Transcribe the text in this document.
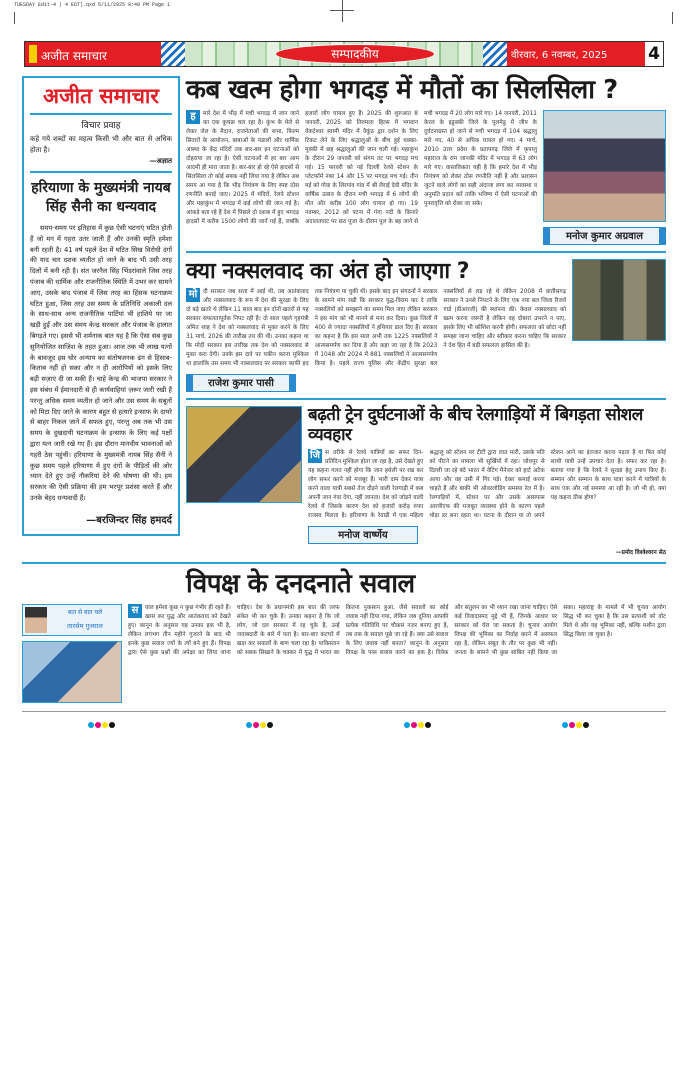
TUESDAY Edit-4 ( 4 EDT).qxd 5/11/2025 9:49 PM Page 1
अजीत समाचार	सम्पादकीय	वीरवार, 6 नवम्बर, 2025	4
अजीत समाचार
विचार प्रवाह
कहे गये शब्दों का महत्व किसी भी और बात से अधिक होता है।
—अज्ञात
हरियाणा के मुख्यमंत्री नायब सिंह सैनी का धन्यवाद
समय-समय पर इतिहास में कुछ ऐसी घटनाएं घटित होती हैं जो मन में गहरा उतर जाती हैं और उनकी स्मृति हमेशा बनी रहती है। 41 वर्ष पहले देश में घटित सिख विरोधी दंगों की याद चार दशक व्यतीत हो जाने के बाद भी उसी तरह दिलों में बनी रही है। संत जरनैल सिंह भिंडरांवाले जिस तरह पंजाब की धार्मिक और राजनीतिक स्थिति में उभर कर सामने आए, उसके बाद पंजाब में जिस तरह का हिंसक घटनाक्रम घटित हुआ, जिस तरह उस समय के प्रतिनिधि अकाली दल के साथ-साथ अन्य राजनीतिक पार्टियां भी हाशिये पर जा खड़ी हुईं और उस समय केन्द्र सरकार और पंजाब के हालात बिगड़ते गए। इससे भी शर्मनाक बात यह है कि ऐसा सब कुछ सुनियोजित साजिश के तहत हुआ। आज तक भी लाख यत्नों के बावजूद इस घोर अन्याय का संतोषजनक ढंग से हिसाब-किताब नहीं हो सका और न ही आरोपियों को इसके लिए बड़ी सज़ाएं दी जा सकी हैं। चाहे केन्द्र की भाजपा सरकार ने इस संबंध में ईमानदारी से ही कार्यवाहियां ज़रूर जारी रखी हैं परन्तु अधिक समय व्यतीत हो जाने और उस समय के सबूतों को मिटा दिए जाने के कारण बहुत से हत्यारे इन्साफ के दायरे से बाहर निकल जाने में सफल हुए, परन्तु अब तक भी उस समय के दुखदायी घटनाक्रम के इन्साफ के लिए कई पक्षों द्वारा यत्न जारी रखे गए हैं। इस दौरान मानवीय भावनाओं को गहरी ठेस पहुंची। हरियाणा के मुख्यमंत्री नायब सिंह सैनी ने कुछ समय पहले हरियाणा में हुए दंगों के पीड़ितों की ओर ध्यान देते हुए उन्हें नौकरियां देने की घोषणा की थी। हम सरकार की ऐसी प्रक्रिया की हम भरपूर प्रशंसा करते हैं और उनके बेहद धन्यवादी हैं।
—बरजिन्दर सिंह हमदर्द
कब खत्म होगा भगदड़ में मौतों का सिलसिला ?
ह	मारे देश में भीड़ में मची भगदड़ में जान जाने का एक कुचक्र चल रहा है। कुंभ के मेले से लेकर जेल के मैदान, राजनेताओं की सभा, फिल्म सितारों के आयोजन, बाबाओं के पंडालों और धार्मिक आस्था के केंद्र मंदिरों तक बार-बार इन घटनाओं को दोहराया जा रहा है। ऐसी घटनाओं में हर बार आम आदमी ही मारा जाता है। बार-बार हो रहे ऐसे हादसों से सिलसिला तो कोई सबक नहीं लिया गया है लेकिन अब समय आ गया है कि भीड़ नियंत्रण के लिए स्पष्ट ठोस रणनीति बनाई जाए। 2025 में मंदिरों, रेलवे स्टेशन और महाकुंभ में भगदड़ में कई लोगों की जान गई है। आंकड़े बता रहे हैं देश में पिछले दो दशक में हुए भगदड़ हादसों में करीब 1500 लोगों की जानें गई हैं, जबकि हजारों लोग घायल हुए हैं। 2025 की शुरुआत 8 जनवरी, 2025 को तिरुमला हिल्स में भगवान वेंकटेश्वर स्वामी मंदिर में वैकुंठ द्वार दर्शन के लिए टिकट लेने के लिए श्रद्धालुओं के बीच हुई धक्का-मुक्की में छह श्रद्धालुओं की जान चली गई। महाकुंभ के दौरान 29 जनवरी को संगम तट पर भगदड़ मच गई। 15 फरवरी को नई दिल्ली रेलवे स्टेशन के प्लेटफॉर्म नंबर 14 और 15 पर भगदड़ मच गई। तीन मई को गोवा के शिरगांव गांव में श्री लैराई देवी मंदिर के वार्षिक उत्सव के दौरान मची भगदड़ में 6 लोगों की मौत और करीब 100 लोग घायल हो गए। 19 नवम्बर, 2012 को पटना में गंगा नदी के किनारे अदालतघाट पर छठ पूजा के दौरान पुल के बह जाने से मची भगदड़ में 20 लोग मारे गए। 14 जनवरी, 2011 केरल के इडुक्की जिले के पुलमेडु में जीप के दुर्घटनाग्रस्त हो जाने से मची भगदड़ में 104 श्रद्धालु मारे गए, 40 से अधिक घायल हो गए। 4 मार्च, 2010 उत्तर प्रदेश के प्रतापगढ़ जिले में कृपालु महाराज के राम जानकी मंदिर में भगदड़ में 63 लोग मारे गए। वास्तविकता यही है कि हमारे देश में भीड़ नियंत्रण को लेकर ठोस रणनीति नहीं है और प्रशासन जुटने वाले लोगों का सही अंदाजा लगा कर व्यवस्था व अनुमति प्रदान करें ताकि भविष्य में ऐसी घटनाओं की पुनरावृत्ति को रोका जा सके।
मनोज कुमार अग्रवाल
क्या नक्सलवाद का अंत हो जाएगा ?
मो दी सरकार जब सत्ता में आई थी, तब आतंकवाद और नक्सलवाद के रूप में देश की सुरक्षा के लिए दो बड़े खतरे थे लेकिन 11 साल बाद इन दोनों खतरों से यह सरकार सफलतापूर्वक निपट रही है। दो साल पहले गृहमंत्री अमित शाह ने देश को नक्सलवाद से मुक्त करने के लिए 31 मार्च, 2026 की तारीख तय की थी। उनका कहना था कि मोदी सरकार इस तारीख तक देश को नक्सलवाद से मुक्त करा देगी। उनके इस दावे पर यकीन करना मुश्किल था हालांकि उस समय भी नक्सलवाद पर सरकार काफी हद तक नियंत्रण पा चुकी थी। इसके बाद इन संगठनों ने सरकार के सामने मांग रखी कि सरकार युद्ध-विराम कर दे ताकि नक्सलियों को समझाने का समय मिल जाए लेकिन सरकार ने इस मांग को भी मानने से मना कर दिया। कुछ जिलों में 400 से ज्यादा नक्सलियों ने हथियार डाल दिए हैं। सरकार का कहना है कि इस साल अभी तक 1225 नक्सलियों ने आत्मसमर्पण कर दिया है और कहा जा रहा है कि 2023 में 1048 और 2024 में 881 नक्सलियों ने आत्मसमर्पण किया है। पहले राज्य पुलिस और केंद्रीय सुरक्षा बल नक्सलियों से लड़ रहे थे लेकिन 2008 में छत्तीसगढ़ सरकार ने उनसे निपटने के लिए एक नया बल जिला रिजर्व गार्ड (डीआरजी) की स्थापना की। केवल नक्सलवाद को खत्म करना जरूरी है लेकिन वह दोबारा उभरने न पाए, इसके लिए भी कोशिश करनी होगी। सफलता को छोटा नहीं समझा जाना चाहिए और स्वीकार करना चाहिए कि सरकार ने देश हित में बड़ी सफलता हासिल की है।
राजेश कुमार पासी
बढ़ती ट्रेन दुर्घटनाओं के बीच रेलगाड़ियों में बिगड़ता सोशल व्यवहार
जि स तरीके से रेलवे यात्रियों का सफर दिन-प्रतिदिन मुश्किल होता जा रहा है, उसे देखते हुए यह कहना गलत नहीं होगा कि जान हथेली पर रख कर लोग सफर करने को मजबूर हैं। भारी दाम देकर यात्रा करने वाला यात्री सबसे तेज दौड़ने वाली रेलगाड़ी में कब अपनी जान गंवा देगा, नहीं जानता। देश को जोड़ने वाली रेलवे में जिसके कारण देश को हजारों करोड़ रुपए राजस्व मिलता है। हरियाणा के रेवाड़ी में एक महिला श्रद्धालु को स्टेशन पर टीटी द्वारा लात मारी, उसके पति को पीटने का मामला भी सुर्खियों में रहा। जोधपुर से दिल्ली जा रहे बंदे भारत में वेटिंग मैनेजर को हार्ट अटैक आया और वह उसी में गिर पड़े। देकर कमाई करना चाहते हैं और बाकी भी ओवरलोडिंग समस्या रेल में है। रेलगाड़ियों में, स्टेशन पर और उसके आसपास आरपीएफ की मजबूत व्यवस्था होने के कारण पहले थोड़ा डर बना रहता था। घटना के दौरान या तो अपने स्टेशन आने का इंतजार करना पड़ता है या फिर कोई साथी यात्री उन्हें उपचार देता है। सफर कर रहा है। बताया गया है कि रेलवे ने सुरक्षा हेतु उपाय किए हैं। सम्मान और सम्मान के साथ यात्रा करने में यात्रियों के साथ एक और नई समस्या आ रही है। जो भी हो, क्या यह कहना ठीक होगा?
मनोज वार्ष्णेय
—प्रमोद विश्वेश्वरन सेठ
विपक्ष के दनदनाते सवाल
बात से बात चले
तारसेम गुजराल
स	वाल हमेशा कुछ न कुछ गंभीर ही रहते हैं। खास कर युद्ध और आतंकवाद को देखते हुए। कानून के अनुसार यह उनका हक भी है, लेकिन लगभग तीन महीने गुजरने के बाद भी इनके कुछ सवाल ज्यों के त्यों बने हुए हैं। विपक्ष द्वारा ऐसे कुछ प्रश्नों की अपेक्षा का लिया जाना चाहिए। देश के प्रधानमंत्री इस बात की तरफ संकेत भी कर चुके हैं। उनका कहना है कि जो लोग, जो दल सरकार में रह चुके हैं, उन्हें जवाबदारी के बारे में पता है। बार-बार कटघरे में खड़ा कर सवालों के बाण चला रहा है। पाकिस्तान को सबक सिखाने के चक्कर में युद्ध में भारत का कितना नुकसान हुआ, जैसे सवालों का कोई जवाब नहीं दिया गया, लेकिन जब दुनिया आपकी प्रत्येक गतिविधि पर चौकस नज़र बनाए हुए है, तब तक के सवाल पूछे जा रहे हैं। क्या उसे सवाल के लिए जवाब नहीं बनता? कानून के अनुसार विपक्ष के पास सवाल करने का हक है। विवेक और संतुलन का भी ध्यान रखा जाना चाहिए। ऐसे कई विवादास्पद मुद्दे भी हैं, जिनके आधार पर सरकार को घेरा जा सकता है। चुनाव आयोग विपक्ष की भूमिका का निर्वाह करने में असफल रहा है, लेकिन सबूत के तौर पर कुछ भी नहीं। जनता के सामने भी कुछ साबित नहीं किया जा सका। महाराष्ट्र के मामले में भी चुनाव आयोग सिद्ध भी कर चुका है कि उस प्रत्याशी को वोट मिले थे और यह भूमिका नहीं, बल्कि मशीन द्वारा सिद्ध किया जा चुका है।
